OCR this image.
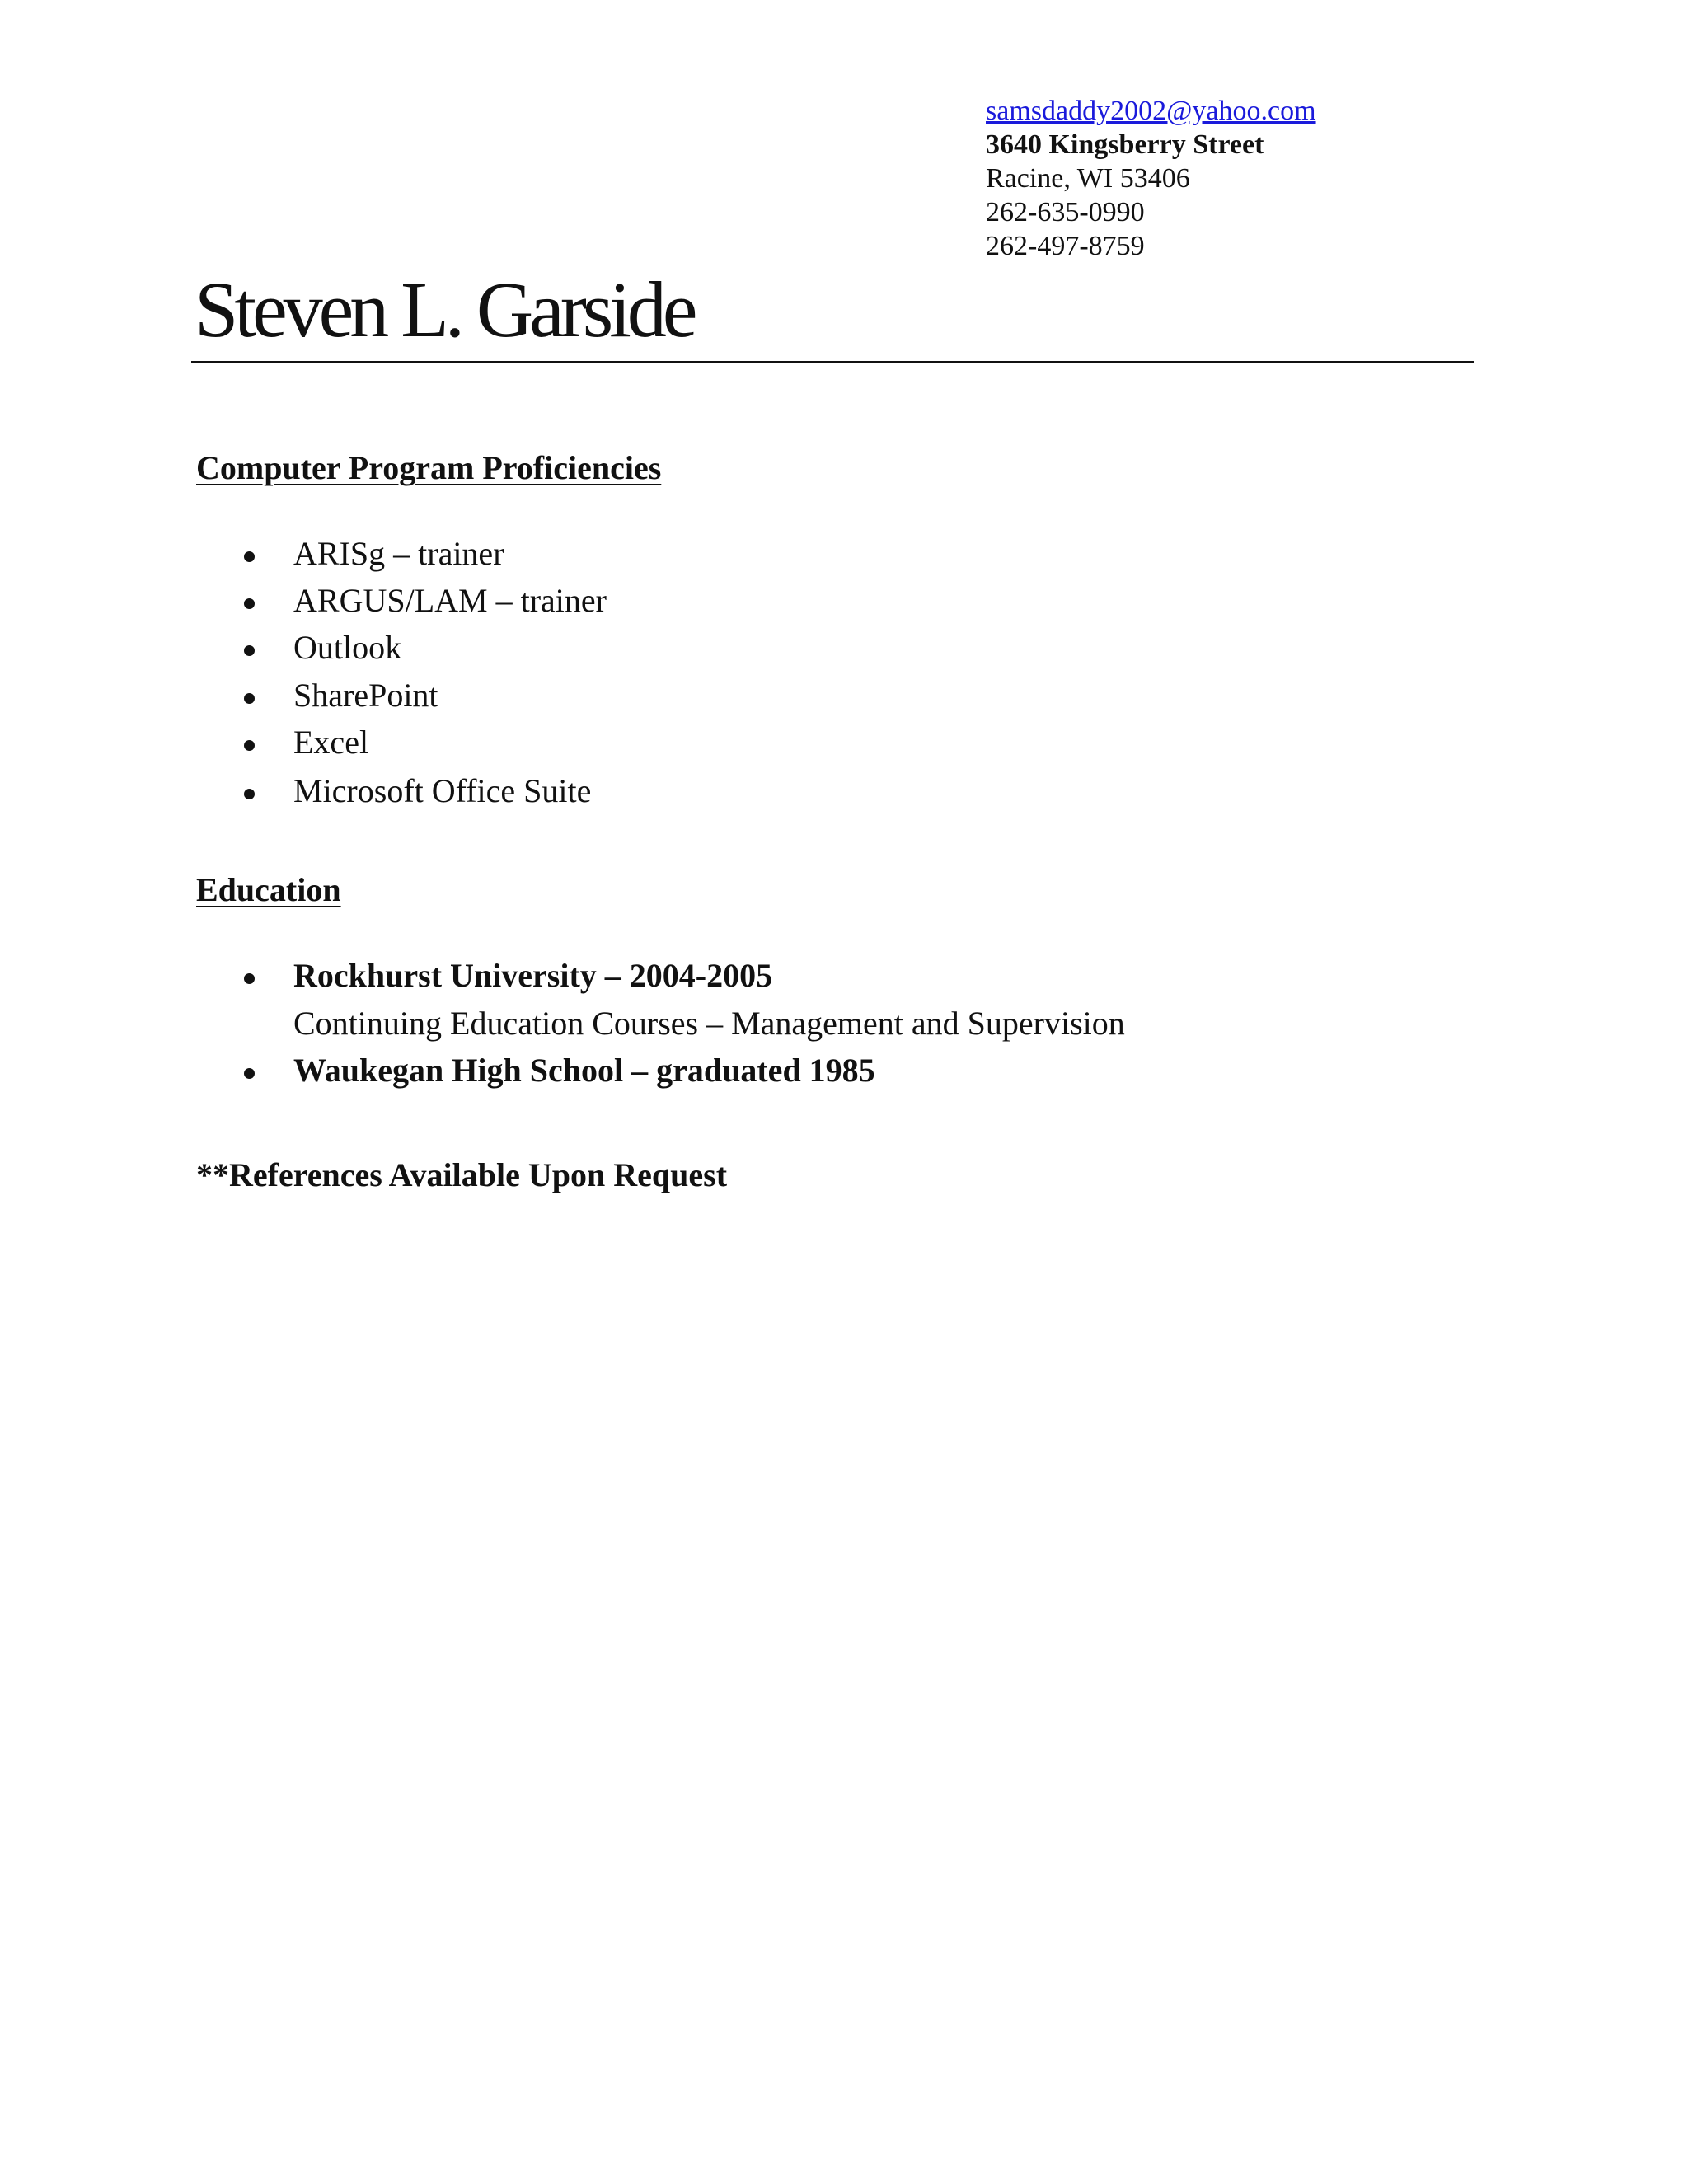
samsdaddy2002@yahoo.com
3640 Kingsberry Street
Racine, WI 53406
262-635-0990
262-497-8759
Steven L. Garside
Computer Program Proficiencies
ARISg – trainer
ARGUS/LAM – trainer
Outlook
SharePoint
Excel
Microsoft Office Suite
Education
Rockhurst University – 2004-2005
Continuing Education Courses – Management and Supervision
Waukegan High School – graduated 1985
**References Available Upon Request
